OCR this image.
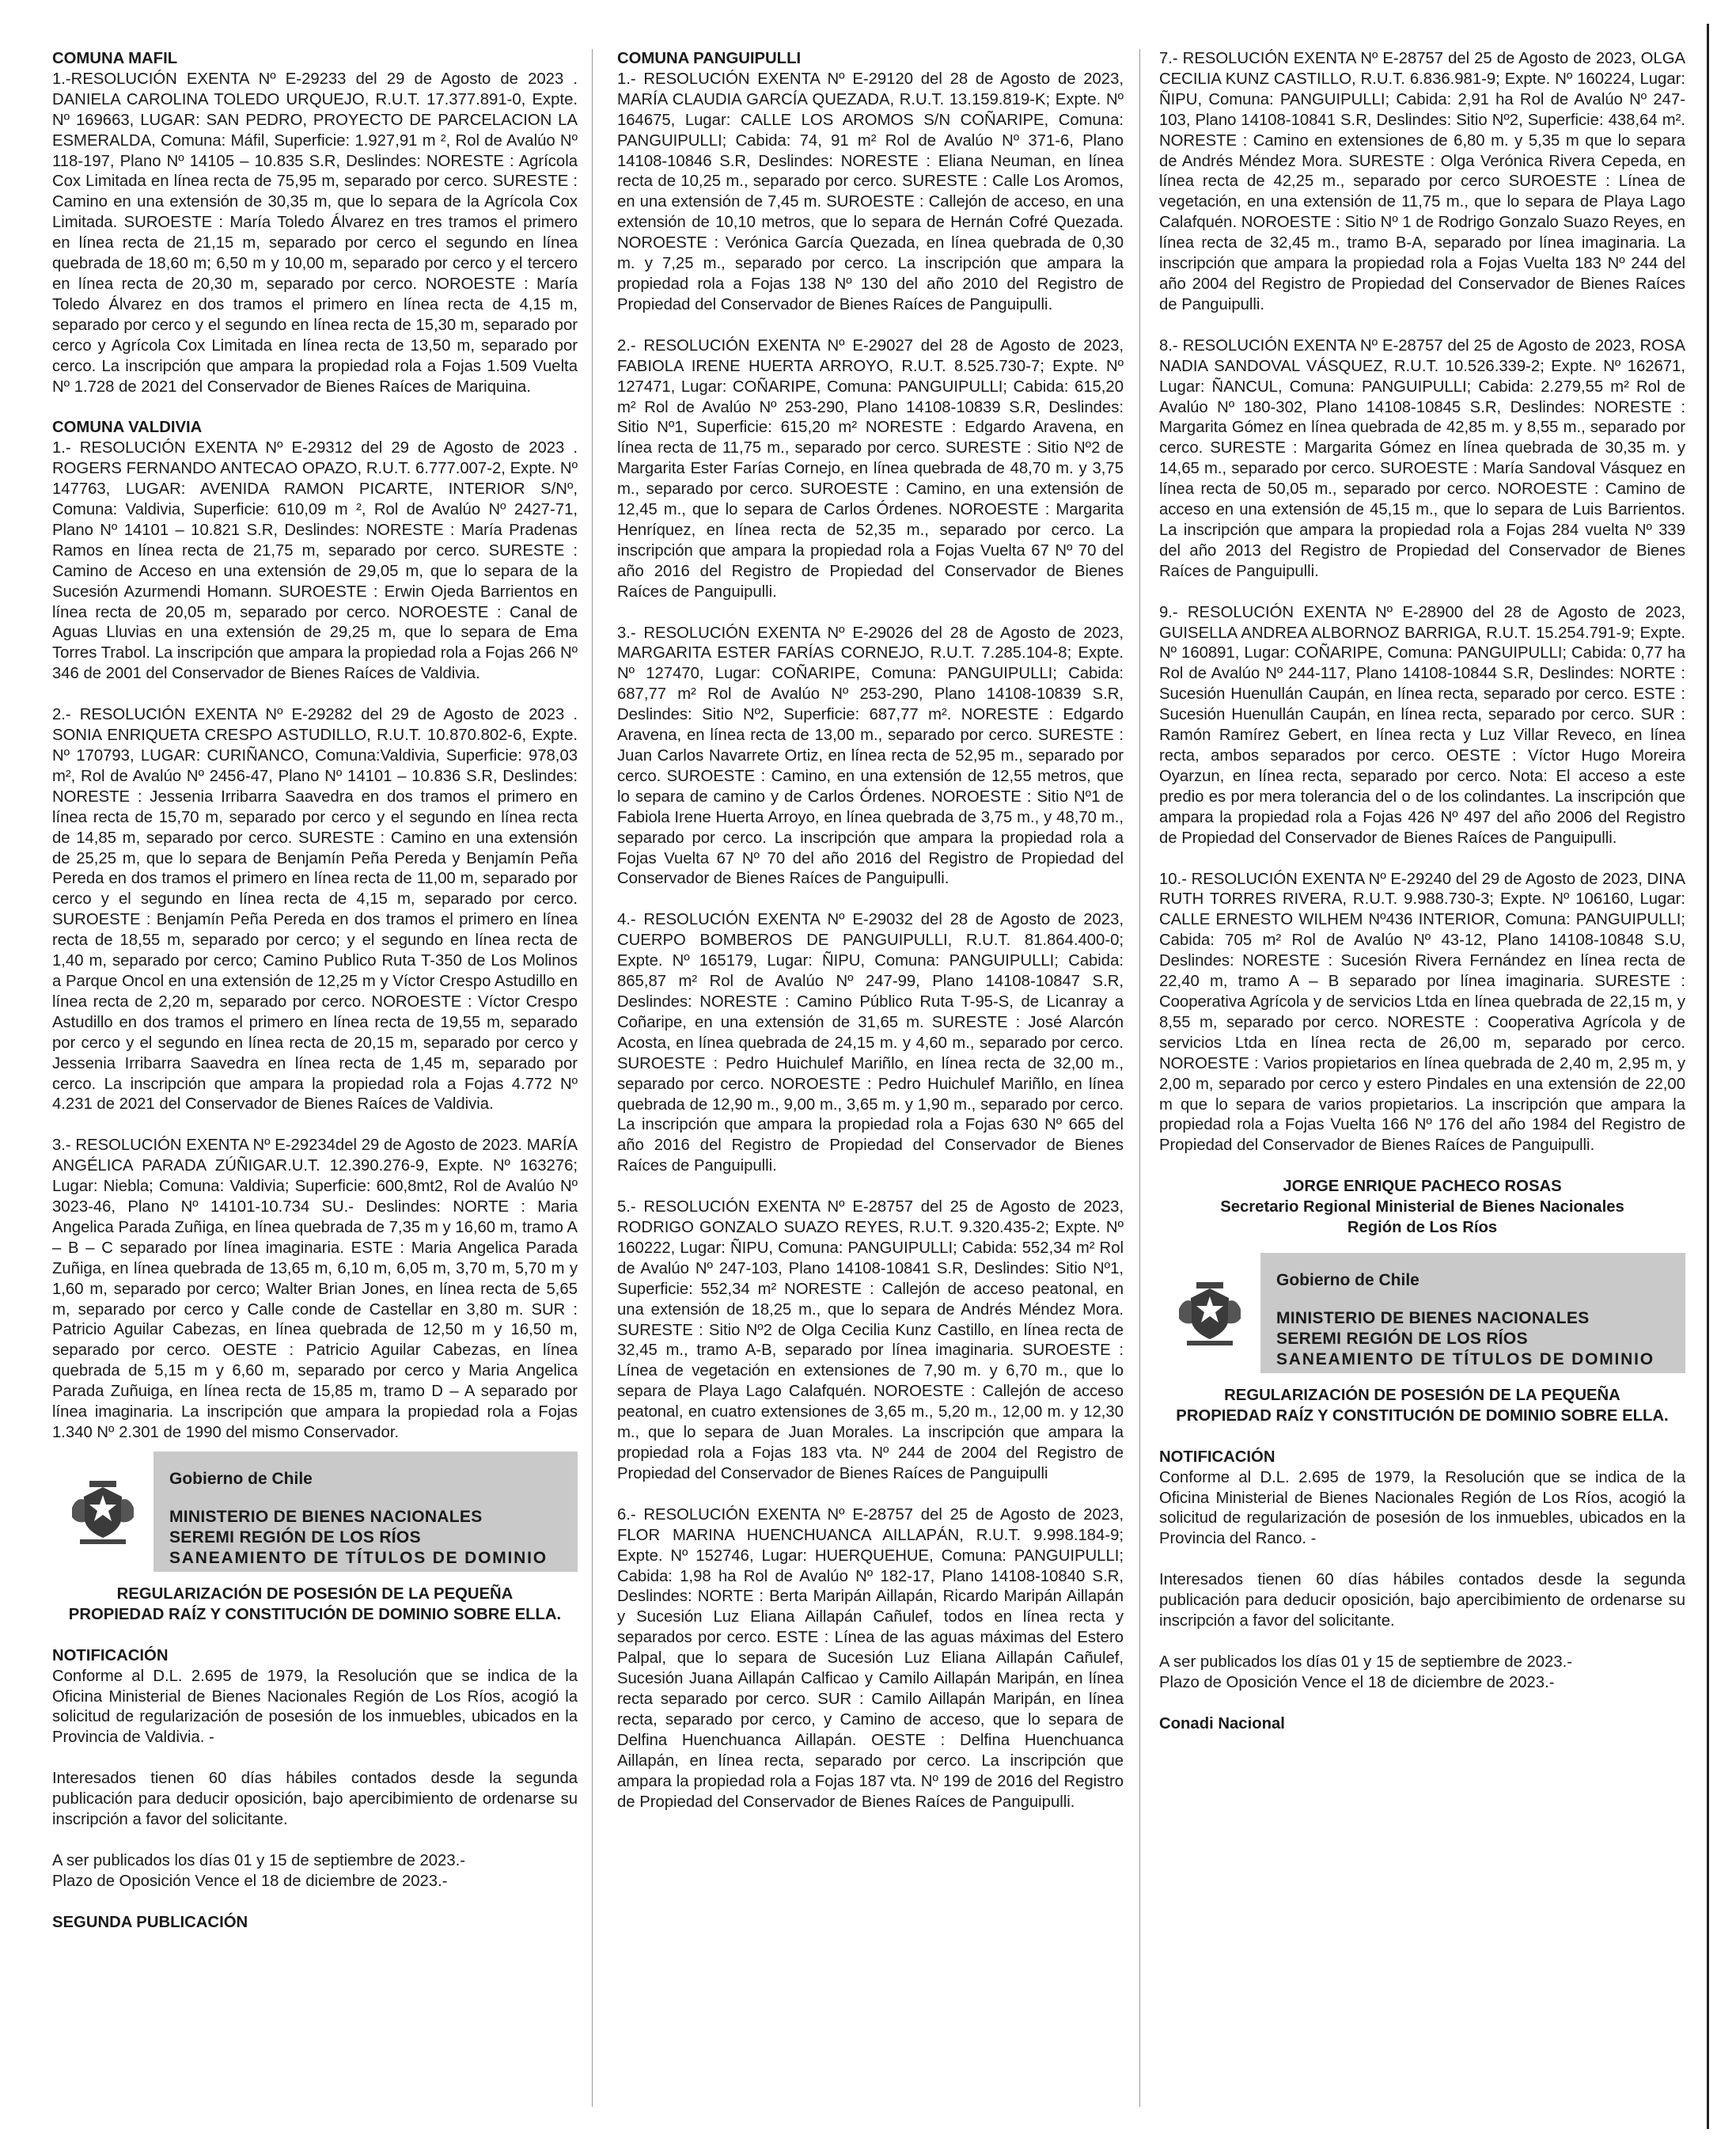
COMUNA MAFIL

1.-RESOLUCIÓN EXENTA Nº E-29233 del 29 de Agosto de 2023 . DANIELA CAROLINA TOLEDO URQUEJO, R.U.T. 17.377.891-0, Expte. Nº 169663, LUGAR: SAN PEDRO, PROYECTO DE PARCELACION LA ESMERALDA, Comuna: Máfil, Superficie: 1.927,91 m ², Rol de Avalúo Nº 118-197, Plano Nº 14105 – 10.835 S.R, Deslindes: NORESTE : Agrícola Cox Limitada en línea recta de 75,95 m, separado por cerco. SURESTE : Camino en una extensión de 30,35 m, que lo separa de la Agrícola Cox Limitada. SUROESTE : María Toledo Álvarez en tres tramos el primero en línea recta de 21,15 m, separado por cerco el segundo en línea quebrada de 18,60 m; 6,50 m y 10,00 m, separado por cerco y el tercero en línea recta de 20,30 m, separado por cerco. NOROESTE : María Toledo Álvarez en dos tramos el primero en línea recta de 4,15 m, separado por cerco y el segundo en línea recta de 15,30 m, separado por cerco y Agrícola Cox Limitada en línea recta de 13,50 m, separado por cerco. La inscripción que ampara la propiedad rola a Fojas 1.509 Vuelta Nº 1.728 de 2021 del Conservador de Bienes Raíces de Mariquina.

COMUNA VALDIVIA

1.- RESOLUCIÓN EXENTA Nº E-29312 del 29 de Agosto de 2023 . ROGERS FERNANDO ANTECAO OPAZO, R.U.T. 6.777.007-2, Expte. Nº 147763, LUGAR: AVENIDA RAMON PICARTE, INTERIOR S/Nº, Comuna: Valdivia, Superficie: 610,09 m ², Rol de Avalúo Nº 2427-71, Plano Nº 14101 – 10.821 S.R, Deslindes: NORESTE : María Pradenas Ramos en línea recta de 21,75 m, separado por cerco. SURESTE : Camino de Acceso en una extensión de 29,05 m, que lo separa de la Sucesión Azurmendi Homann. SUROESTE : Erwin Ojeda Barrientos en línea recta de 20,05 m, separado por cerco. NOROESTE : Canal de Aguas Lluvias en una extensión de 29,25 m, que lo separa de Ema Torres Trabol. La inscripción que ampara la propiedad rola a Fojas 266 Nº 346 de 2001 del Conservador de Bienes Raíces de Valdivia.

2.- RESOLUCIÓN EXENTA Nº E-29282 del 29 de Agosto de 2023 . SONIA ENRIQUETA CRESPO ASTUDILLO, R.U.T. 10.870.802-6, Expte. Nº 170793, LUGAR: CURIÑANCO, Comuna:Valdivia, Superficie: 978,03 m², Rol de Avalúo Nº 2456-47, Plano Nº 14101 – 10.836 S.R, Deslindes: NORESTE : Jessenia Irribarra Saavedra en dos tramos el primero en línea recta de 15,70 m, separado por cerco y el segundo en línea recta de 14,85 m, separado por cerco. SURESTE : Camino en una extensión de 25,25 m, que lo separa de Benjamín Peña Pereda y Benjamín Peña Pereda en dos tramos el primero en línea recta de 11,00 m, separado por cerco y el segundo en línea recta de 4,15 m, separado por cerco. SUROESTE : Benjamín Peña Pereda en dos tramos el primero en línea recta de 18,55 m, separado por cerco; y el segundo en línea recta de 1,40 m, separado por cerco; Camino Publico Ruta T-350 de Los Molinos a Parque Oncol en una extensión de 12,25 m y Víctor Crespo Astudillo en línea recta de 2,20 m, separado por cerco. NOROESTE : Víctor Crespo Astudillo en dos tramos el primero en línea recta de 19,55 m, separado por cerco y el segundo en línea recta de 20,15 m, separado por cerco y Jessenia Irribarra Saavedra en línea recta de 1,45 m, separado por cerco. La inscripción que ampara la propiedad rola a Fojas 4.772 Nº 4.231 de 2021 del Conservador de Bienes Raíces de Valdivia.

3.- RESOLUCIÓN EXENTA Nº E-29234del 29 de Agosto de 2023. MARÍA ANGÉLICA PARADA ZÚÑIGAR.U.T. 12.390.276-9, Expte. Nº 163276; Lugar: Niebla; Comuna: Valdivia; Superficie: 600,8mt2, Rol de Avalúo Nº 3023-46, Plano Nº 14101-10.734 SU.- Deslindes: NORTE : Maria Angelica Parada Zuñiga, en línea quebrada de 7,35 m y 16,60 m, tramo A – B – C separado por línea imaginaria. ESTE : Maria Angelica Parada Zuñiga, en línea quebrada de 13,65 m, 6,10 m, 6,05 m, 3,70 m, 5,70 m y 1,60 m, separado por cerco; Walter Brian Jones, en línea recta de 5,65 m, separado por cerco y Calle conde de Castellar en 3,80 m. SUR : Patricio Aguilar Cabezas, en línea quebrada de 12,50 m y 16,50 m, separado por cerco. OESTE : Patricio Aguilar Cabezas, en línea quebrada de 5,15 m y 6,60 m, separado por cerco y Maria Angelica Parada Zuñuiga, en línea recta de 15,85 m, tramo D – A separado por línea imaginaria. La inscripción que ampara la propiedad rola a Fojas 1.340 Nº 2.301 de 1990 del mismo Conservador.

Gobierno de Chile
MINISTERIO DE BIENES NACIONALES
SEREMI REGIÓN DE LOS RÍOS
SANEAMIENTO DE TÍTULOS DE DOMINIO

REGULARIZACIÓN DE POSESIÓN DE LA PEQUEÑA

PROPIEDAD RAÍZ Y CONSTITUCIÓN DE DOMINIO SOBRE ELLA.

NOTIFICACIÓN

Conforme al D.L. 2.695 de 1979, la Resolución que se indica de la Oficina Ministerial de Bienes Nacionales Región de Los Ríos, acogió la solicitud de regularización de posesión de los inmuebles, ubicados en la Provincia de Valdivia. -

Interesados tienen 60 días hábiles contados desde la segunda publicación para deducir oposición, bajo apercibimiento de ordenarse su inscripción a favor del solicitante.

A ser publicados los días 01 y 15 de septiembre de 2023.-

Plazo de Oposición Vence el 18 de diciembre de 2023.-

SEGUNDA PUBLICACIÓN

COMUNA PANGUIPULLI

1.- RESOLUCIÓN EXENTA Nº E-29120 del 28 de Agosto de 2023, MARÍA CLAUDIA GARCÍA QUEZADA, R.U.T. 13.159.819-K; Expte. Nº 164675, Lugar: CALLE LOS AROMOS S/N COÑARIPE, Comuna: PANGUIPULLI; Cabida: 74, 91 m² Rol de Avalúo Nº 371-6, Plano 14108-10846 S.R, Deslindes: NORESTE : Eliana Neuman, en línea recta de 10,25 m., separado por cerco. SURESTE : Calle Los Aromos, en una extensión de 7,45 m. SUROESTE : Callejón de acceso, en una extensión de 10,10 metros, que lo separa de Hernán Cofré Quezada. NOROESTE : Verónica García Quezada, en línea quebrada de 0,30 m. y 7,25 m., separado por cerco. La inscripción que ampara la propiedad rola a Fojas 138 Nº 130 del año 2010 del Registro de Propiedad del Conservador de Bienes Raíces de Panguipulli.

2.- RESOLUCIÓN EXENTA Nº E-29027 del 28 de Agosto de 2023, FABIOLA IRENE HUERTA ARROYO, R.U.T. 8.525.730-7; Expte. Nº 127471, Lugar: COÑARIPE, Comuna: PANGUIPULLI; Cabida: 615,20 m² Rol de Avalúo Nº 253-290, Plano 14108-10839 S.R, Deslindes: Sitio Nº1, Superficie: 615,20 m² NORESTE : Edgardo Aravena, en línea recta de 11,75 m., separado por cerco. SURESTE : Sitio Nº2 de Margarita Ester Farías Cornejo, en línea quebrada de 48,70 m. y 3,75 m., separado por cerco. SUROESTE : Camino, en una extensión de 12,45 m., que lo separa de Carlos Órdenes. NOROESTE : Margarita Henríquez, en línea recta de 52,35 m., separado por cerco. La inscripción que ampara la propiedad rola a Fojas Vuelta 67 Nº 70 del año 2016 del Registro de Propiedad del Conservador de Bienes Raíces de Panguipulli.

3.- RESOLUCIÓN EXENTA Nº E-29026 del 28 de Agosto de 2023, MARGARITA ESTER FARÍAS CORNEJO, R.U.T. 7.285.104-8; Expte. Nº 127470, Lugar: COÑARIPE, Comuna: PANGUIPULLI; Cabida: 687,77 m² Rol de Avalúo Nº 253-290, Plano 14108-10839 S.R, Deslindes: Sitio Nº2, Superficie: 687,77 m². NORESTE : Edgardo Aravena, en línea recta de 13,00 m., separado por cerco. SURESTE : Juan Carlos Navarrete Ortiz, en línea recta de 52,95 m., separado por cerco. SUROESTE : Camino, en una extensión de 12,55 metros, que lo separa de camino y de Carlos Órdenes. NOROESTE : Sitio Nº1 de Fabiola Irene Huerta Arroyo, en línea quebrada de 3,75 m., y 48,70 m., separado por cerco. La inscripción que ampara la propiedad rola a Fojas Vuelta 67 Nº 70 del año 2016 del Registro de Propiedad del Conservador de Bienes Raíces de Panguipulli.

4.- RESOLUCIÓN EXENTA Nº E-29032 del 28 de Agosto de 2023, CUERPO BOMBEROS DE PANGUIPULLI, R.U.T. 81.864.400-0; Expte. Nº 165179, Lugar: ÑIPU, Comuna: PANGUIPULLI; Cabida: 865,87 m² Rol de Avalúo Nº 247-99, Plano 14108-10847 S.R, Deslindes: NORESTE : Camino Público Ruta T-95-S, de Licanray a Coñaripe, en una extensión de 31,65 m. SURESTE : José Alarcón Acosta, en línea quebrada de 24,15 m. y 4,60 m., separado por cerco. SUROESTE : Pedro Huichulef Mariñlo, en línea recta de 32,00 m., separado por cerco. NOROESTE : Pedro Huichulef Mariñlo, en línea quebrada de 12,90 m., 9,00 m., 3,65 m. y 1,90 m., separado por cerco. La inscripción que ampara la propiedad rola a Fojas 630 Nº 665 del año 2016 del Registro de Propiedad del Conservador de Bienes Raíces de Panguipulli.

5.- RESOLUCIÓN EXENTA Nº E-28757 del 25 de Agosto de 2023, RODRIGO GONZALO SUAZO REYES, R.U.T. 9.320.435-2; Expte. Nº 160222, Lugar: ÑIPU, Comuna: PANGUIPULLI; Cabida: 552,34 m² Rol de Avalúo Nº 247-103, Plano 14108-10841 S.R, Deslindes: Sitio Nº1, Superficie: 552,34 m² NORESTE : Callejón de acceso peatonal, en una extensión de 18,25 m., que lo separa de Andrés Méndez Mora. SURESTE : Sitio Nº2 de Olga Cecilia Kunz Castillo, en línea recta de 32,45 m., tramo A-B, separado por línea imaginaria. SUROESTE : Línea de vegetación en extensiones de 7,90 m. y 6,70 m., que lo separa de Playa Lago Calafquén. NOROESTE : Callejón de acceso peatonal, en cuatro extensiones de 3,65 m., 5,20 m., 12,00 m. y 12,30 m., que lo separa de Juan Morales. La inscripción que ampara la propiedad rola a Fojas 183 vta. Nº 244 de 2004 del Registro de Propiedad del Conservador de Bienes Raíces de Panguipulli

6.- RESOLUCIÓN EXENTA Nº E-28757 del 25 de Agosto de 2023, FLOR MARINA HUENCHUANCA AILLAPÁN, R.U.T. 9.998.184-9; Expte. Nº 152746, Lugar: HUERQUEHUE, Comuna: PANGUIPULLI; Cabida: 1,98 ha Rol de Avalúo Nº 182-17, Plano 14108-10840 S.R, Deslindes: NORTE : Berta Maripán Aillapán, Ricardo Maripán Aillapán y Sucesión Luz Eliana Aillapán Cañulef, todos en línea recta y separados por cerco. ESTE : Línea de las aguas máximas del Estero Palpal, que lo separa de Sucesión Luz Eliana Aillapán Cañulef, Sucesión Juana Aillapán Calficao y Camilo Aillapán Maripán, en línea recta separado por cerco. SUR : Camilo Aillapán Maripán, en línea recta, separado por cerco, y Camino de acceso, que lo separa de Delfina Huenchuanca Aillapán. OESTE : Delfina Huenchuanca Aillapán, en línea recta, separado por cerco. La inscripción que ampara la propiedad rola a Fojas 187 vta. Nº 199 de 2016 del Registro de Propiedad del Conservador de Bienes Raíces de Panguipulli.

7.- RESOLUCIÓN EXENTA Nº E-28757 del 25 de Agosto de 2023, OLGA CECILIA KUNZ CASTILLO, R.U.T. 6.836.981-9; Expte. Nº 160224, Lugar: ÑIPU, Comuna: PANGUIPULLI; Cabida: 2,91 ha Rol de Avalúo Nº 247-103, Plano 14108-10841 S.R, Deslindes: Sitio Nº2, Superficie: 438,64 m². NORESTE : Camino en extensiones de 6,80 m. y 5,35 m que lo separa de Andrés Méndez Mora. SURESTE : Olga Verónica Rivera Cepeda, en línea recta de 42,25 m., separado por cerco SUROESTE : Línea de vegetación, en una extensión de 11,75 m., que lo separa de Playa Lago Calafquén. NOROESTE : Sitio Nº 1 de Rodrigo Gonzalo Suazo Reyes, en línea recta de 32,45 m., tramo B-A, separado por línea imaginaria. La inscripción que ampara la propiedad rola a Fojas Vuelta 183 Nº 244 del año 2004 del Registro de Propiedad del Conservador de Bienes Raíces de Panguipulli.

8.- RESOLUCIÓN EXENTA Nº E-28757 del 25 de Agosto de 2023, ROSA NADIA SANDOVAL VÁSQUEZ, R.U.T. 10.526.339-2; Expte. Nº 162671, Lugar: ÑANCUL, Comuna: PANGUIPULLI; Cabida: 2.279,55 m² Rol de Avalúo Nº 180-302, Plano 14108-10845 S.R, Deslindes: NORESTE : Margarita Gómez en línea quebrada de 42,85 m. y 8,55 m., separado por cerco. SURESTE : Margarita Gómez en línea quebrada de 30,35 m. y 14,65 m., separado por cerco. SUROESTE : María Sandoval Vásquez en línea recta de 50,05 m., separado por cerco. NOROESTE : Camino de acceso en una extensión de 45,15 m., que lo separa de Luis Barrientos. La inscripción que ampara la propiedad rola a Fojas 284 vuelta Nº 339 del año 2013 del Registro de Propiedad del Conservador de Bienes Raíces de Panguipulli.

9.- RESOLUCIÓN EXENTA Nº E-28900 del 28 de Agosto de 2023, GUISELLA ANDREA ALBORNOZ BARRIGA, R.U.T. 15.254.791-9; Expte. Nº 160891, Lugar: COÑARIPE, Comuna: PANGUIPULLI; Cabida: 0,77 ha Rol de Avalúo Nº 244-117, Plano 14108-10844 S.R, Deslindes: NORTE : Sucesión Huenullán Caupán, en línea recta, separado por cerco. ESTE : Sucesión Huenullán Caupán, en línea recta, separado por cerco. SUR : Ramón Ramírez Gebert, en línea recta y Luz Villar Reveco, en línea recta, ambos separados por cerco. OESTE : Víctor Hugo Moreira Oyarzun, en línea recta, separado por cerco. Nota: El acceso a este predio es por mera tolerancia del o de los colindantes. La inscripción que ampara la propiedad rola a Fojas 426 Nº 497 del año 2006 del Registro de Propiedad del Conservador de Bienes Raíces de Panguipulli.

10.- RESOLUCIÓN EXENTA Nº E-29240 del 29 de Agosto de 2023, DINA RUTH TORRES RIVERA, R.U.T. 9.988.730-3; Expte. Nº 106160, Lugar: CALLE ERNESTO WILHEM Nº436 INTERIOR, Comuna: PANGUIPULLI; Cabida: 705 m² Rol de Avalúo Nº 43-12, Plano 14108-10848 S.U, Deslindes: NORESTE : Sucesión Rivera Fernández en línea recta de 22,40 m, tramo A – B separado por línea imaginaria. SURESTE : Cooperativa Agrícola y de servicios Ltda en línea quebrada de 22,15 m, y 8,55 m, separado por cerco. NORESTE : Cooperativa Agrícola y de servicios Ltda en línea recta de 26,00 m, separado por cerco. NOROESTE : Varios propietarios en línea quebrada de 2,40 m, 2,95 m, y 2,00 m, separado por cerco y estero Pindales en una extensión de 22,00 m que lo separa de varios propietarios. La inscripción que ampara la propiedad rola a Fojas Vuelta 166 Nº 176 del año 1984 del Registro de Propiedad del Conservador de Bienes Raíces de Panguipulli.

JORGE ENRIQUE PACHECO ROSAS
Secretario Regional Ministerial de Bienes Nacionales
Región de Los Ríos
Gobierno de Chile
MINISTERIO DE BIENES NACIONALES
SEREMI REGIÓN DE LOS RÍOS
SANEAMIENTO DE TÍTULOS DE DOMINIO

REGULARIZACIÓN DE POSESIÓN DE LA PEQUEÑA

PROPIEDAD RAÍZ Y CONSTITUCIÓN DE DOMINIO SOBRE ELLA.

NOTIFICACIÓN

Conforme al D.L. 2.695 de 1979, la Resolución que se indica de la Oficina Ministerial de Bienes Nacionales Región de Los Ríos, acogió la solicitud de regularización de posesión de los inmuebles, ubicados en la Provincia del Ranco. -

Interesados tienen 60 días hábiles contados desde la segunda publicación para deducir oposición, bajo apercibimiento de ordenarse su inscripción a favor del solicitante.

A ser publicados los días 01 y 15 de septiembre de 2023.-

Plazo de Oposición Vence el 18 de diciembre de 2023.-

Conadi Nacional
